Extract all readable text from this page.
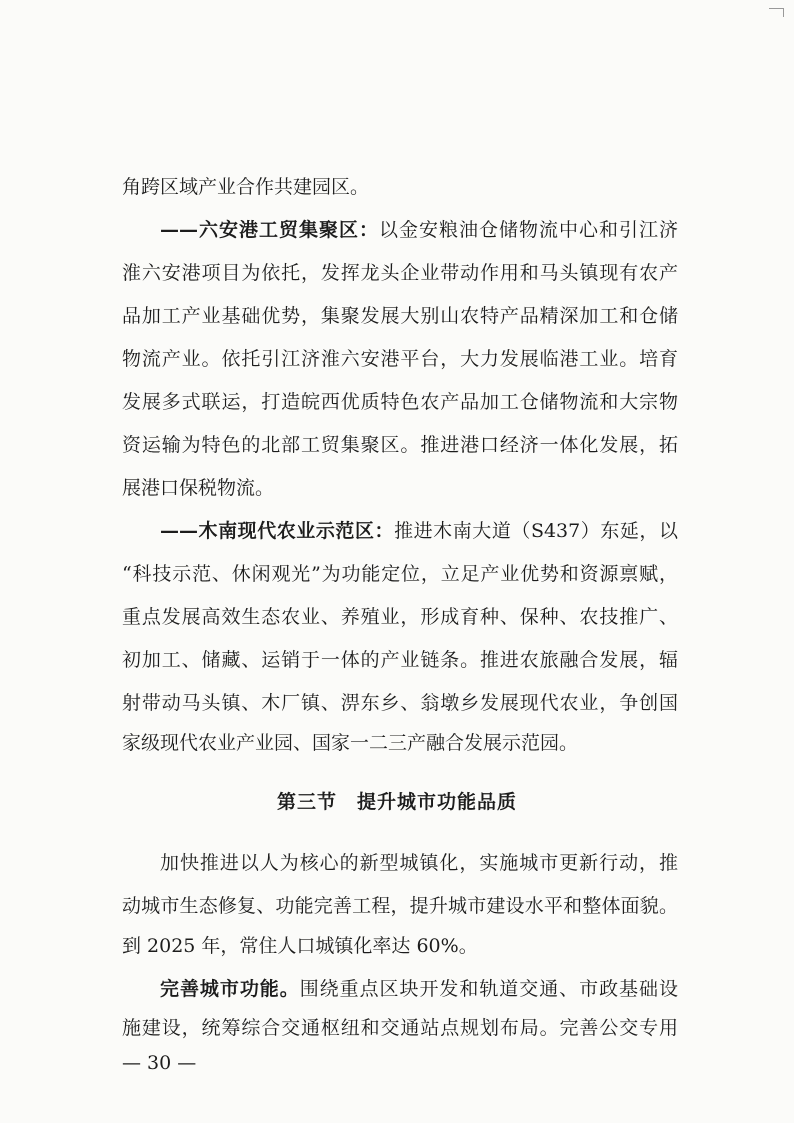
角跨区域产业合作共建园区。
——六安港工贸集聚区：以金安粮油仓储物流中心和引江济
淮六安港项目为依托，发挥龙头企业带动作用和马头镇现有农产
品加工产业基础优势，集聚发展大别山农特产品精深加工和仓储
物流产业。依托引江济淮六安港平台，大力发展临港工业。培育
发展多式联运，打造皖西优质特色农产品加工仓储物流和大宗物
资运输为特色的北部工贸集聚区。推进港口经济一体化发展，拓
展港口保税物流。
——木南现代农业示范区：推进木南大道（S437）东延，以
“科技示范、休闲观光”为功能定位，立足产业优势和资源禀赋，
重点发展高效生态农业、养殖业，形成育种、保种、农技推广、
初加工、储藏、运销于一体的产业链条。推进农旅融合发展，辐
射带动马头镇、木厂镇、淠东乡、翁墩乡发展现代农业，争创国
家级现代农业产业园、国家一二三产融合发展示范园。
第三节　提升城市功能品质
加快推进以人为核心的新型城镇化，实施城市更新行动，推
动城市生态修复、功能完善工程，提升城市建设水平和整体面貌。
到 2025 年，常住人口城镇化率达 60%。
完善城市功能。围绕重点区块开发和轨道交通、市政基础设
施建设，统筹综合交通枢纽和交通站点规划布局。完善公交专用
— 30 —
